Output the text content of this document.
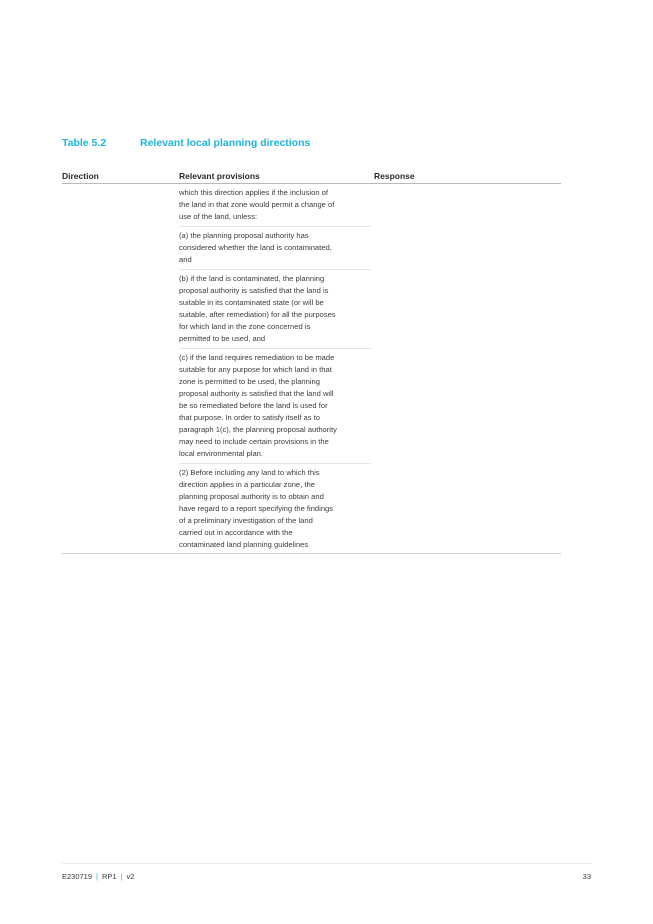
Table 5.2	Relevant local planning directions
Direction	Relevant provisions	Response
which this direction applies if the inclusion of
the land in that zone would permit a change of
use of the land, unless:
(a) the planning proposal authority has
considered whether the land is contaminated,
and
(b) if the land is contaminated, the planning
proposal authority is satisfied that the land is
suitable in its contaminated state (or will be
suitable, after remediation) for all the purposes
for which land in the zone concerned is
permitted to be used, and
(c) if the land requires remediation to be made
suitable for any purpose for which land in that
zone is permitted to be used, the planning
proposal authority is satisfied that the land will
be so remediated before the land is used for
that purpose. In order to satisfy itself as to
paragraph 1(c), the planning proposal authority
may need to include certain provisions in the
local environmental plan.
(2) Before including any land to which this
direction applies in a particular zone, the
planning proposal authority is to obtain and
have regard to a report specifying the findings
of a preliminary investigation of the land
carried out in accordance with the
contaminated land planning guidelines
E230719 | RP1 | v2	33
